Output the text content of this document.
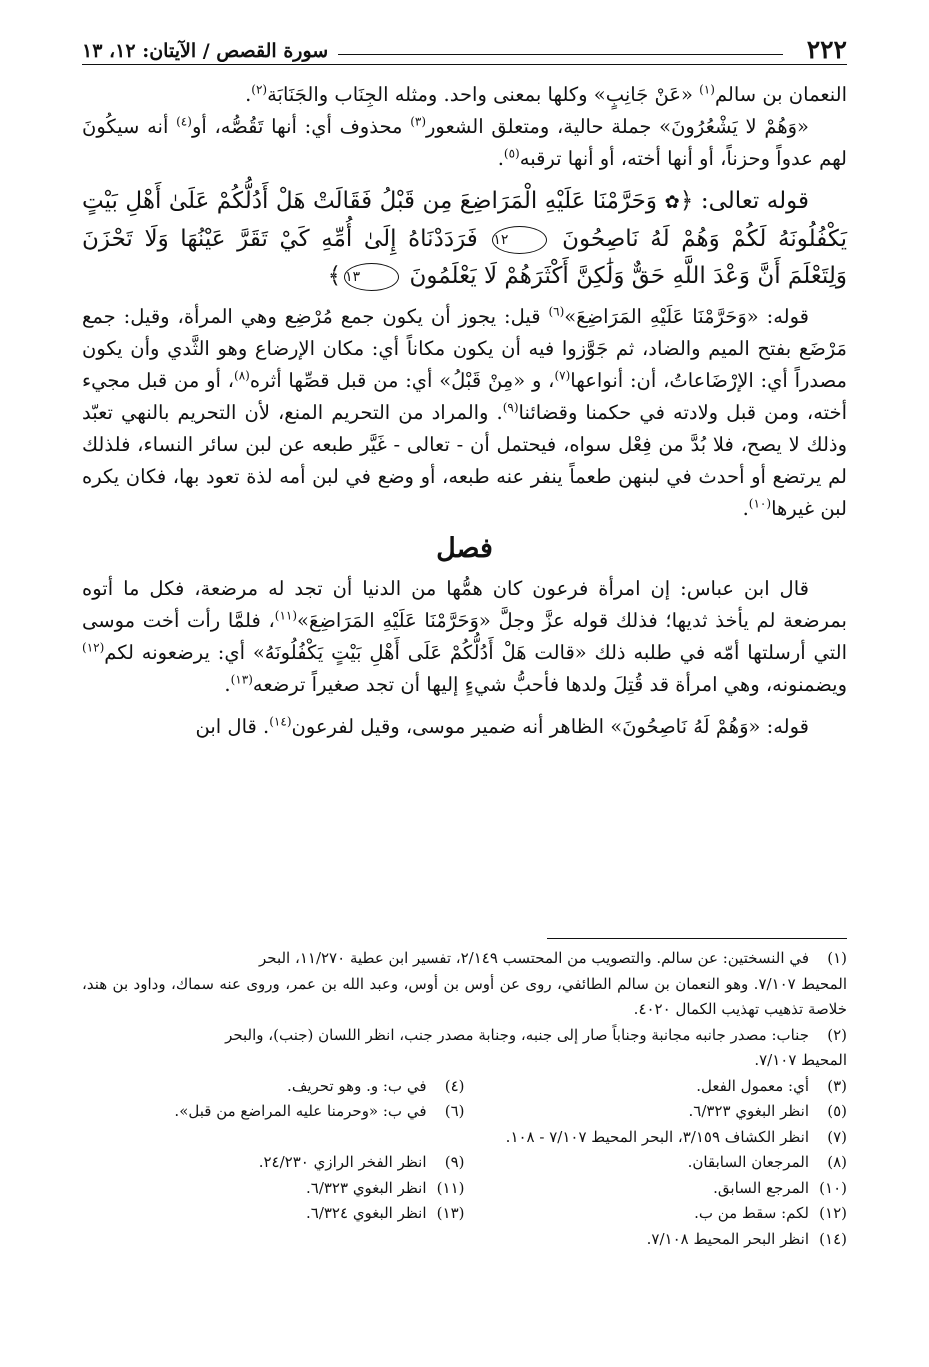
٢٢٢
سورة القصص / الآيتان: ١٢، ١٣

النعمان بن سالم$^{(١)}$ «عَنْ جَانِبٍ» وكلها بمعنى واحد. ومثله الجِنَاب والجَنَابَة$^{(٢)}$.

«وَهُمْ لا يَشْعُرُونَ» جملة حالية، ومتعلق الشعور$^{(٣)}$ محذوف أي: أنها تَقُصُّه، أو$^{(٤)}$ أنه سيكُونَ لهم عدواً وحزناً، أو أنها أخته، أو أنها ترقبه$^{(٥)}$.

قوله تعالى: ﴿✿ وَحَرَّمْنَا عَلَيْهِ الْمَرَاضِعَ مِن قَبْلُ فَقَالَتْ هَلْ أَدُلُّكُمْ عَلَىٰ أَهْلِ بَيْتٍ يَكْفُلُونَهُ لَكُمْ وَهُمْ لَهُ نَاصِحُونَ ١٢ فَرَدَدْنَاهُ إِلَىٰ أُمِّهِ كَيْ تَقَرَّ عَيْنُهَا وَلَا تَحْزَنَ وَلِتَعْلَمَ أَنَّ وَعْدَ اللَّهِ حَقٌّ وَلَٰكِنَّ أَكْثَرَهُمْ لَا يَعْلَمُونَ ١٣﴾

قوله: «وَحَرَّمْنَا عَلَيْهِ المَرَاضِعَ»$^{(٦)}$ قيل: يجوز أن يكون جمع مُرْضِع وهي المرأة، وقيل: جمع مَرْضَع بفتح الميم والضاد، ثم جَوَّزوا فيه أن يكون مكاناً أي: مكان الإرضاع وهو الثَّدي وأن يكون مصدراً أي: الإرْضَاعاتُ، أن: أنواعها$^{(٧)}$، و «مِنْ قَبْلُ» أي: من قبل قصِّها أثره$^{(٨)}$، أو من قبل مجيء أخته، ومن قبل ولادته في حكمنا وقضائنا$^{(٩)}$. والمراد من التحريم المنع، لأن التحريم بالنهي تعبّد وذلك لا يصح، فلا بُدَّ من فِعْل سواه، فيحتمل أن - تعالى - غَيَّر طبعه عن لبن سائر النساء، فلذلك لم يرتضع أو أحدث في لبنهن طعماً ينفر عنه طبعه، أو وضع في لبن أمه لذة تعود بها، فكان يكره لبن غيرها$^{(١٠)}$.

فصل

قال ابن عباس: إن امرأة فرعون كان همُّها من الدنيا أن تجد له مرضعة، فكل ما أتوه بمرضعة لم يأخذ ثديها؛ فذلك قوله عزَّ وجلَّ «وَحَرَّمْنَا عَلَيْهِ المَرَاضِعَ»$^{(١١)}$، فلمَّا رأت أخت موسى التي أرسلتها أمّه في طلبه ذلك «قالت هَلْ أَدُلُّكُمْ عَلَى أَهْلِ بَيْتٍ يَكْفُلُونَهُ» أي: يرضعونه لكم$^{(١٢)}$ ويضمنونه، وهي امرأة قد قُتِلَ ولدها فأحبُّ شيءٍ إليها أن تجد صغيراً ترضعه$^{(١٣)}$.

قوله: «وَهُمْ لَهُ نَاصِحُونَ» الظاهر أنه ضمير موسى، وقيل لفرعون$^{(١٤)}$. قال ابن

(١)في النسختين: عن سالم. والتصويب من المحتسب ٢/١٤٩، تفسير ابن عطية ١١/٢٧٠، البحر

المحيط ٧/١٠٧. وهو النعمان بن سالم الطائفي، روى عن أوس بن أوس، وعبد الله بن عمر، وروى عنه سماك، وداود بن هند، خلاصة تذهيب تهذيب الكمال ٤٠٢٠.

(٢)جناب: مصدر جانبه مجانبة وجناباً صار إلى جنبه، وجنابة مصدر جنب، انظر اللسان (جنب)، والبحر

المحيط ٧/١٠٧.

(٣)أي: معمول الفعل.

(٤)في ب: و. وهو تحريف.

(٥)انظر البغوي ٦/٣٢٣.

(٦)في ب: «وحرمنا عليه المراضع من قبل».

(٧)انظر الكشاف ٣/١٥٩، البحر المحيط ٧/١٠٧ - ١٠٨.

(٨)المرجعان السابقان.

(٩)انظر الفخر الرازي ٢٤/٢٣٠.

(١٠)المرجع السابق.

(١١)انظر البغوي ٦/٣٢٣.

(١٢)لكم: سقط من ب.

(١٣)انظر البغوي ٦/٣٢٤.

(١٤)انظر البحر المحيط ٧/١٠٨.
